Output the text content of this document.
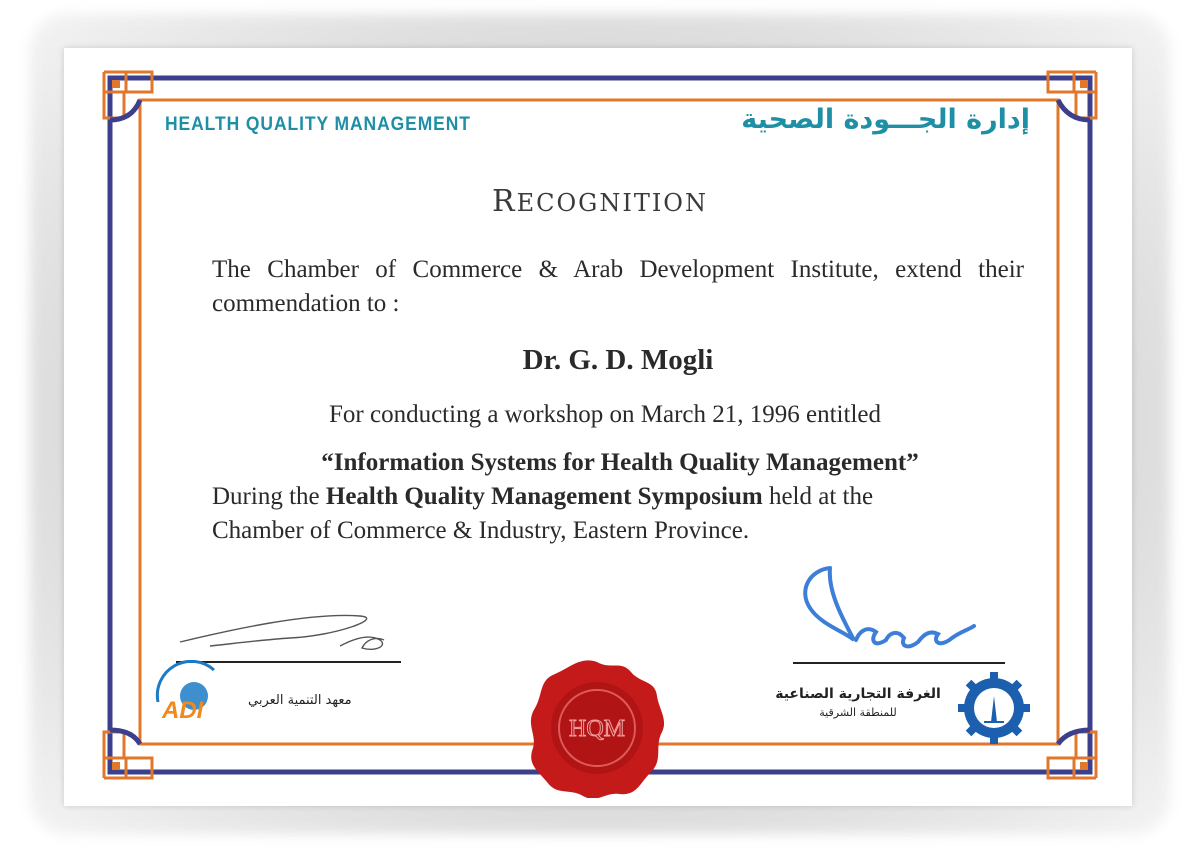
HEALTH QUALITY MANAGEMENT	إدارة الجـــودة الصحية
RECOGNITION
The Chamber of Commerce & Arab Development Institute, extend their commendation to :
Dr. G. D. Mogli
For conducting a workshop on March 21, 1996 entitled
“Information Systems for Health Quality Management”
During the Health Quality Management Symposium held at the
Chamber of Commerce & Industry, Eastern Province.
ADI	معهد التنمية العربي	الغرفة التجارية الصناعية
للمنطقة الشرقية
HQM
